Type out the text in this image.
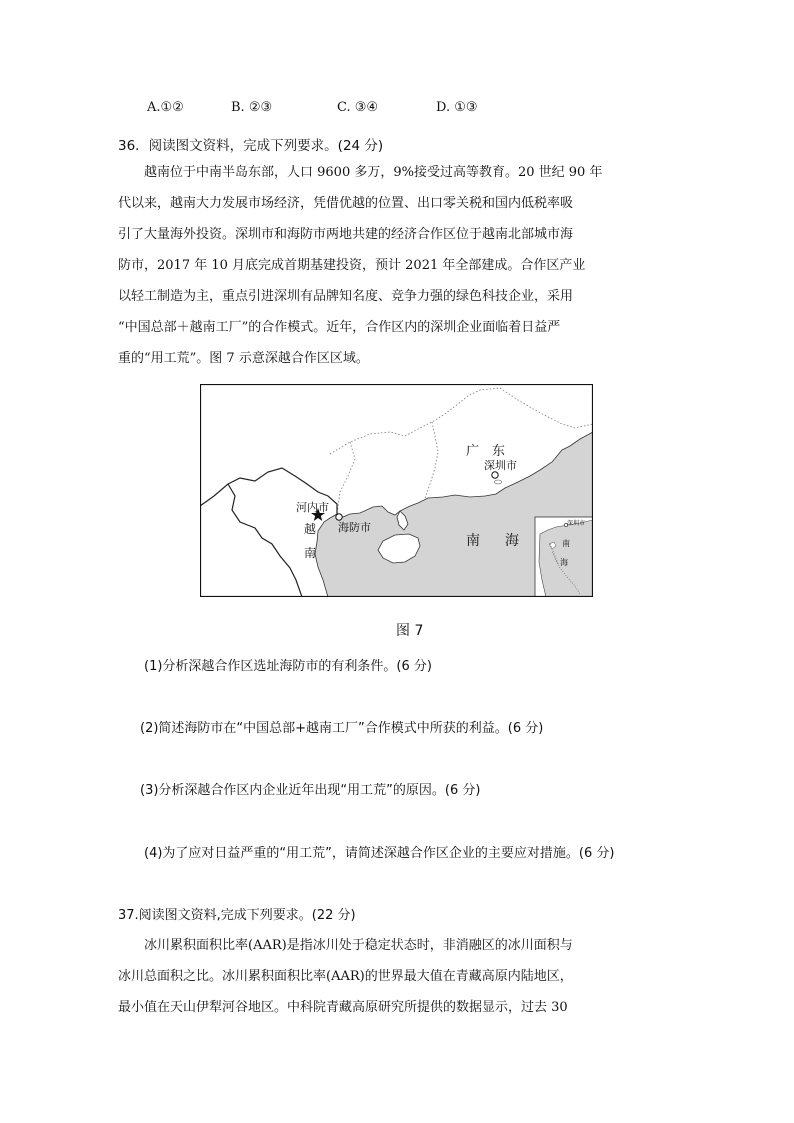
A.①②	B. ②③	C. ③④	D. ①③
36．阅读图文资料，完成下列要求。(24 分)

越南位于中南半岛东部，人口 9600 多万，9%接受过高等教育。20 世纪 90 年

代以来，越南大力发展市场经济，凭借优越的位置、出口零关税和国内低税率吸

引了大量海外投资。深圳市和海防市两地共建的经济合作区位于越南北部城市海

防市，2017 年 10 月底完成首期基建投资，预计 2021 年全部建成。合作区产业

以轻工制造为主，重点引进深圳有品牌知名度、竞争力强的绿色科技企业，采用

“中国总部＋越南工厂”的合作模式。近年，合作区内的深圳企业面临着日益严

重的“用工荒”。图 7 示意深越合作区区域。

广 东
深圳市
河内市
越
南
海防市
南 海
深圳市
南
海
图 7
(1)分析深越合作区选址海防市的有利条件。(6 分)
(2)简述海防市在“中国总部+越南工厂”合作模式中所获的利益。(6 分)
(3)分析深越合作区内企业近年出现“用工荒”的原因。(6 分)
(4)为了应对日益严重的“用工荒”，请简述深越合作区企业的主要应对措施。(6 分)
37.阅读图文资料,完成下列要求。(22 分)

冰川累积面积比率(AAR)是指冰川处于稳定状态时，非消融区的冰川面积与

冰川总面积之比。冰川累积面积比率(AAR)的世界最大值在青藏高原内陆地区，

最小值在天山伊犁河谷地区。中科院青藏高原研究所提供的数据显示，过去 30
